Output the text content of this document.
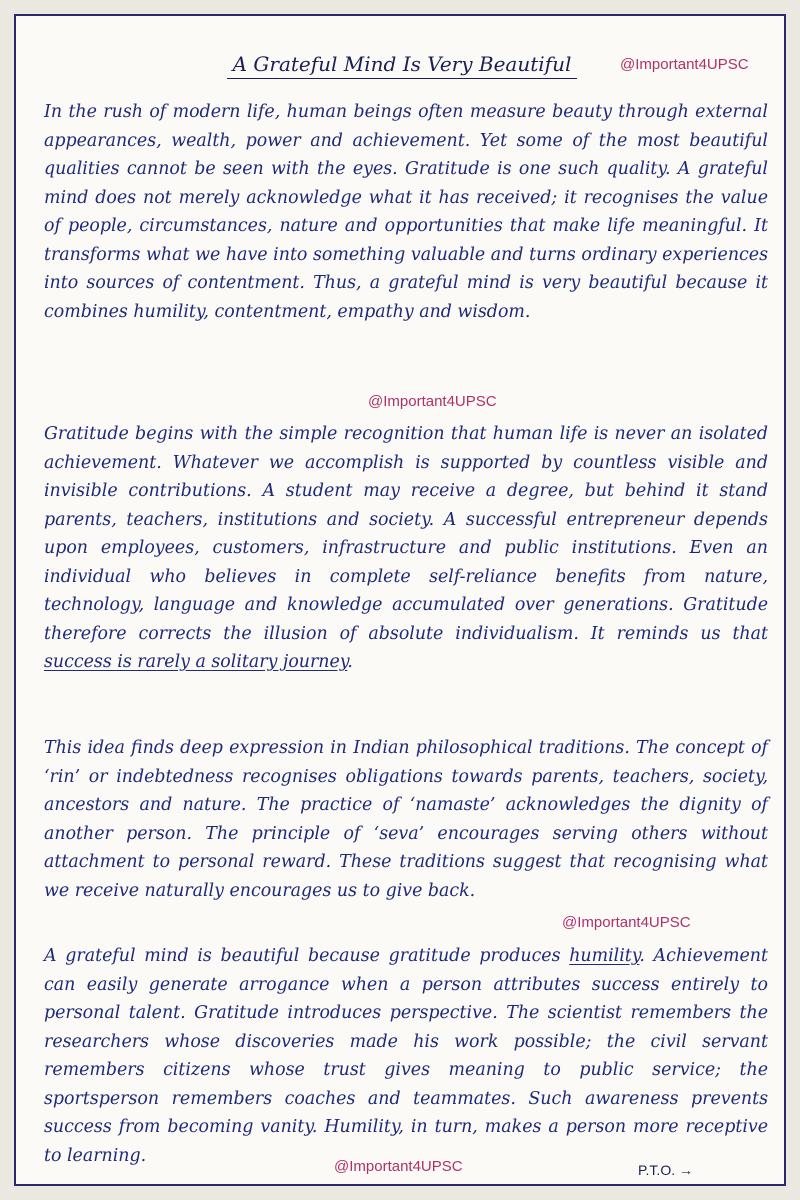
A Grateful Mind Is Very Beautiful	@Important4UPSC
In the rush of modern life, human beings often measure beauty through external appearances, wealth, power and achievement. Yet some of the most beautiful qualities cannot be seen with the eyes. Gratitude is one such quality. A grateful mind does not merely acknowledge what it has received; it recognises the value of people, circumstances, nature and opportunities that make life meaningful. It transforms what we have into something valuable and turns ordinary experiences into sources of contentment. Thus, a grateful mind is very beautiful because it combines humility, contentment, empathy and wisdom.
@Important4UPSC
Gratitude begins with the simple recognition that human life is never an isolated achievement. Whatever we accomplish is supported by countless visible and invisible contributions. A student may receive a degree, but behind it stand parents, teachers, institutions and society. A successful entrepreneur depends upon employees, customers, infrastructure and public institutions. Even an individual who believes in complete self-reliance benefits from nature, technology, language and knowledge accumulated over generations. Gratitude therefore corrects the illusion of absolute individualism. It reminds us that success is rarely a solitary journey.
This idea finds deep expression in Indian philosophical traditions. The concept of ‘rin’ or indebtedness recognises obligations towards parents, teachers, society, ancestors and nature. The practice of ‘namaste’ acknowledges the dignity of another person. The principle of ‘seva’ encourages serving others without attachment to personal reward. These traditions suggest that recognising what we receive naturally encourages us to give back.
@Important4UPSC
A grateful mind is beautiful because gratitude produces humility. Achievement can easily generate arrogance when a person attributes success entirely to personal talent. Gratitude introduces perspective. The scientist remembers the researchers whose discoveries made his work possible; the civil servant remembers citizens whose trust gives meaning to public service; the sportsperson remembers coaches and teammates. Such awareness prevents success from becoming vanity. Humility, in turn, makes a person more receptive to learning.
@Important4UPSC	P.T.O. →
